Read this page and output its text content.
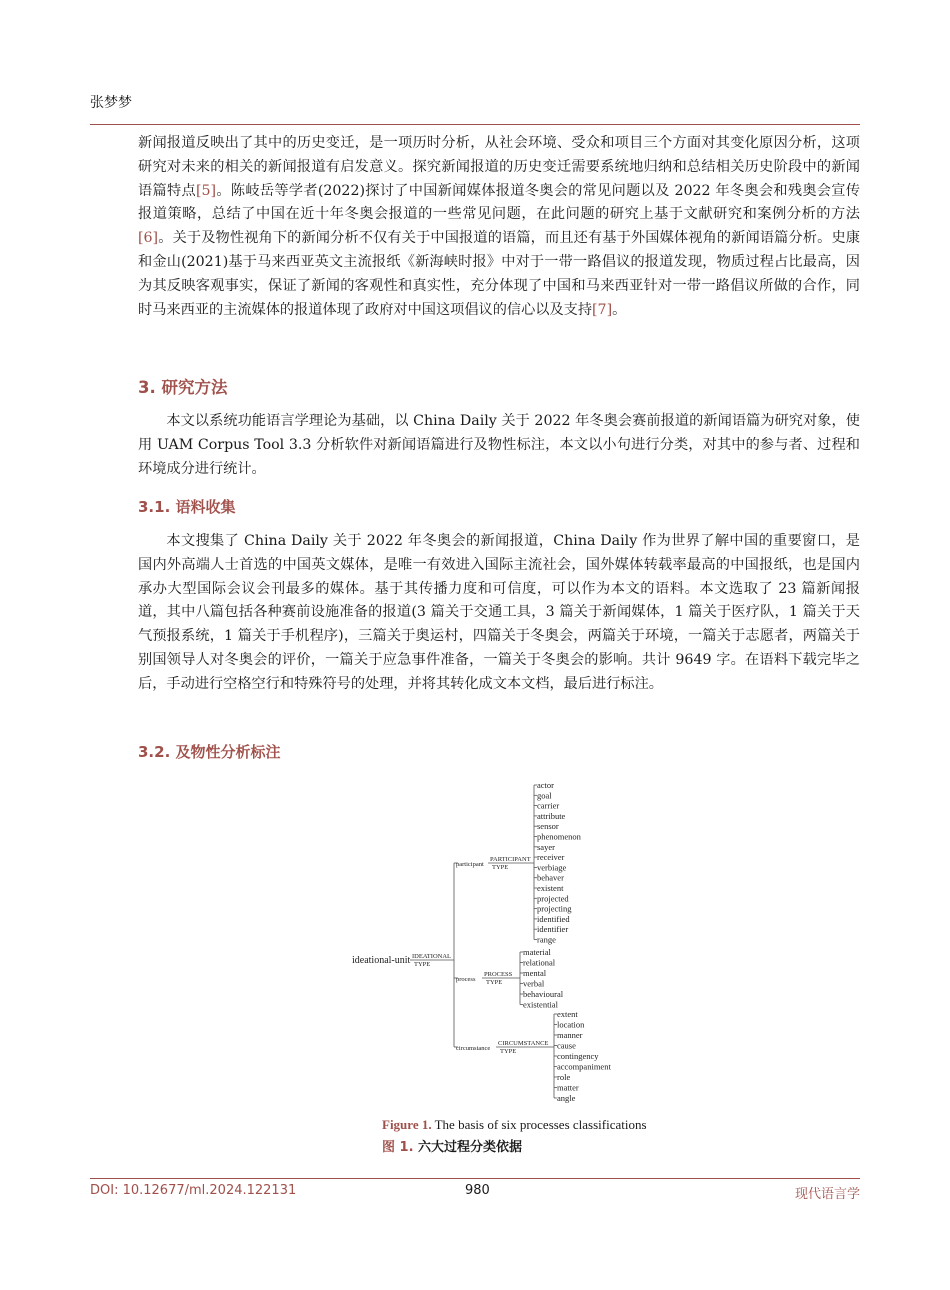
张梦梦

新闻报道反映出了其中的历史变迁，是一项历时分析，从社会环境、受众和项目三个方面对其变化原因分析，这项研究对未来的相关的新闻报道有启发意义。探究新闻报道的历史变迁需要系统地归纳和总结相关历史阶段中的新闻语篇特点[5]。陈岐岳等学者(2022)探讨了中国新闻媒体报道冬奥会的常见问题以及 2022 年冬奥会和残奥会宣传报道策略，总结了中国在近十年冬奥会报道的一些常见问题，在此问题的研究上基于文献研究和案例分析的方法[6]。关于及物性视角下的新闻分析不仅有关于中国报道的语篇，而且还有基于外国媒体视角的新闻语篇分析。史康和金山(2021)基于马来西亚英文主流报纸《新海峡时报》中对于一带一路倡议的报道发现，物质过程占比最高，因为其反映客观事实，保证了新闻的客观性和真实性，充分体现了中国和马来西亚针对一带一路倡议所做的合作，同时马来西亚的主流媒体的报道体现了政府对中国这项倡议的信心以及支持[7]。

3. 研究方法

本文以系统功能语言学理论为基础，以 China Daily 关于 2022 年冬奥会赛前报道的新闻语篇为研究对象，使用 UAM Corpus Tool 3.3 分析软件对新闻语篇进行及物性标注，本文以小句进行分类，对其中的参与者、过程和环境成分进行统计。

3.1. 语料收集

本文搜集了 China Daily 关于 2022 年冬奥会的新闻报道，China Daily 作为世界了解中国的重要窗口，是国内外高端人士首选的中国英文媒体，是唯一有效进入国际主流社会，国外媒体转载率最高的中国报纸，也是国内承办大型国际会议会刊最多的媒体。基于其传播力度和可信度，可以作为本文的语料。本文选取了 23 篇新闻报道，其中八篇包括各种赛前设施准备的报道(3 篇关于交通工具，3 篇关于新闻媒体，1 篇关于医疗队，1 篇关于天气预报系统，1 篇关于手机程序)，三篇关于奥运村，四篇关于冬奥会，两篇关于环境，一篇关于志愿者，两篇关于别国领导人对冬奥会的评价，一篇关于应急事件准备，一篇关于冬奥会的影响。共计 9649 字。在语料下载完毕之后，手动进行空格空行和特殊符号的处理，并将其转化成文本文档，最后进行标注。

3.2. 及物性分析标注
ideational-unit IDEATIONAL
TYPE
participant
PARTICIPANT
TYPE
actor
goal
carrier
attribute
sensor
phenomenon
sayer
receiver
verbiage
behaver
existent
projected
projecting
identified
identifier
range
process
PROCESS
TYPE
material
relational
mental
verbal
behavioural
existential
circumstance
CIRCUMSTANCE
TYPE
extent
location
manner
cause
contingency
accompaniment
role
matter
angle
Figure 1. The basis of six processes classifications
图 1. 六大过程分类依据
DOI: 10.12677/ml.2024.122131	980	现代语言学
